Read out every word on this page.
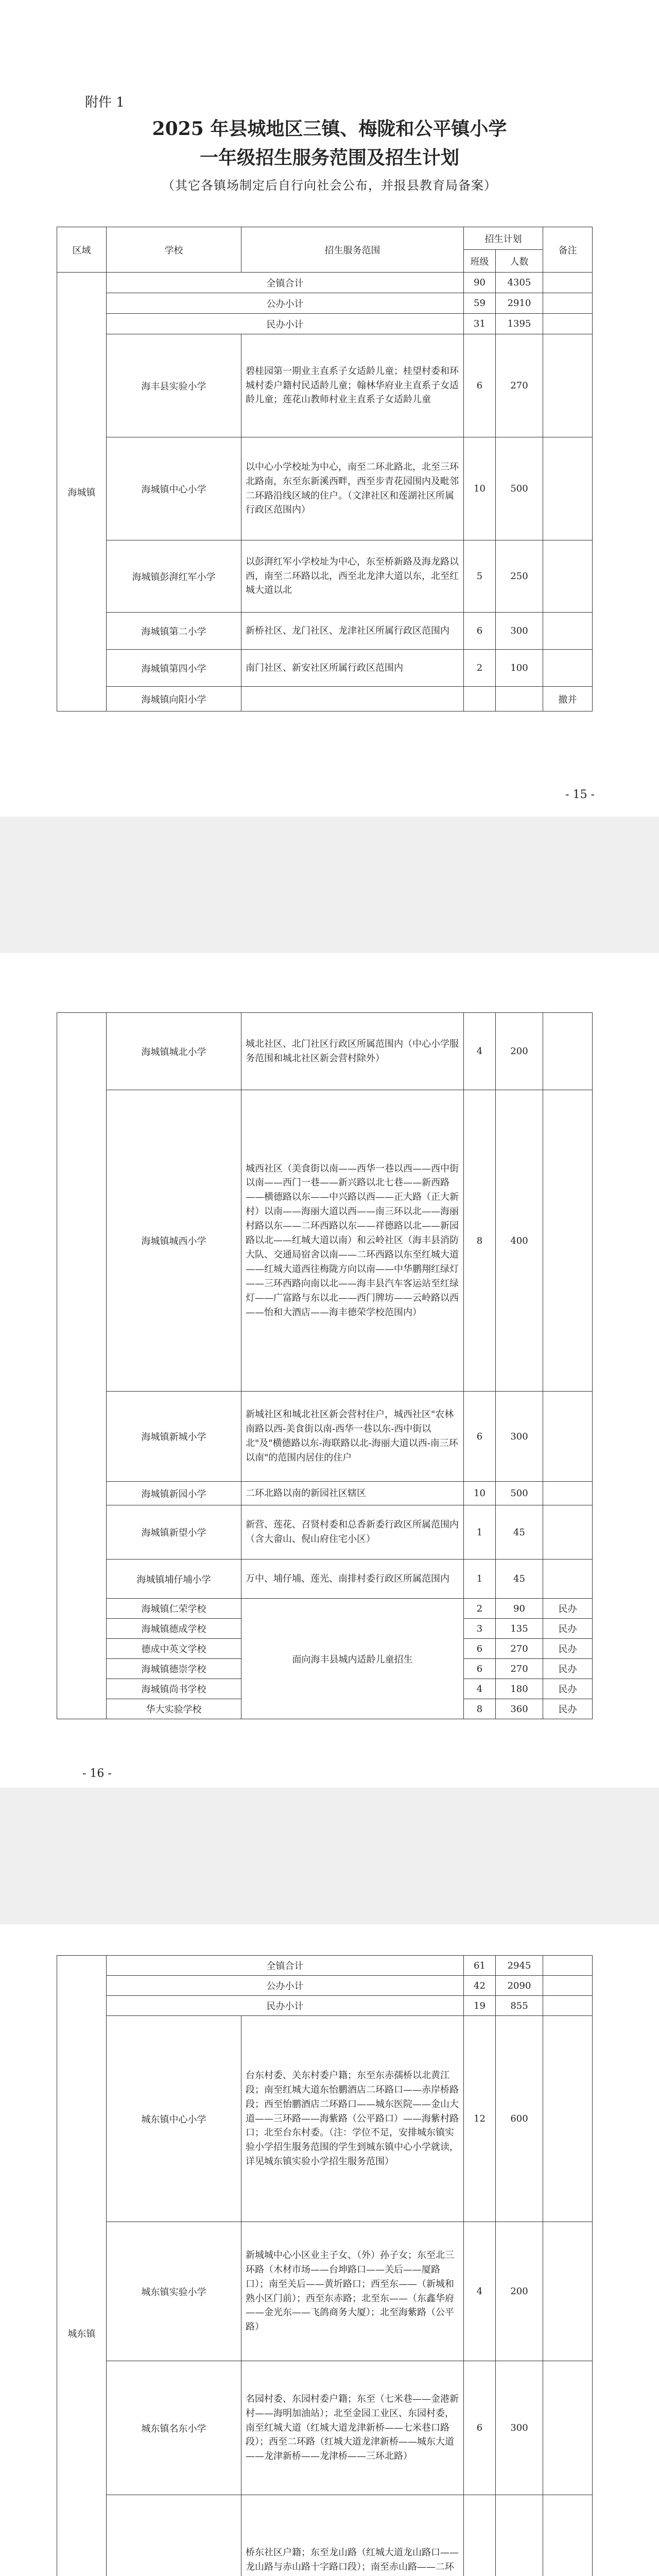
附件 1
2025 年县城地区三镇、梅陇和公平镇小学
一年级招生服务范围及招生计划
（其它各镇场制定后自行向社会公布，并报县教育局备案）
区域	学校	招生服务范围	招生计划		备注
			班级	人数	
海城镇	全镇合计		90	4305	
	公办小计		59	2910	
	民办小计		31	1395	
	海丰县实验小学	碧桂园第一期业主直系子女适龄儿童；桂望村委和环城村委户籍村民适龄儿童；翰林华府业主直系子女适龄儿童；莲花山教师村业主直系子女适龄儿童	6	270	
	海城镇中心小学	以中心小学校址为中心，南至二环北路北，北至三环北路南，东至东新溪西畔，西至步青花园围内及毗邻二环路沿线区域的住户。（文津社区和莲湖社区所属行政区范围内）	10	500	
	海城镇彭湃红军小学	以彭湃红军小学校址为中心，东至桥新路及海龙路以西，南至二环路以北，西至北龙津大道以东，北至红城大道以北	5	250	
	海城镇第二小学	新桥社区、龙门社区、龙津社区所属行政区范围内	6	300	
	海城镇第四小学	南门社区、新安社区所属行政区范围内	2	100	
	海城镇向阳小学				撤并
- 15 -
	海城镇城北小学	城北社区、北门社区行政区所属范围内（中心小学服务范围和城北社区新会营村除外）	4	200	
	海城镇城西小学	城西社区（美食街以南——西华一巷以西——西中街以南——西门一巷——新兴路以北七巷——新西路——横德路以东——中兴路以西——正大路（正大新村）以南——海丽大道以西——南三环以北——海丽村路以东——二环西路以东——祥德路以北——新园路以北——红城大道以南）和云岭社区（海丰县消防大队、交通局宿舍以南——二环西路以东至红城大道——红城大道西往梅陇方向以南——中华鹏翔红绿灯——三环西路向南以北——海丰县汽车客运站至红绿灯——广富路与东以北——西门牌坊——云岭路以西——怡和大酒店——海丰德荣学校范围内）	8	400	
	海城镇新城小学	新城社区和城北社区新会营村住户，城西社区"农林南路以西-美食街以南-西华一巷以东-西中街以北"及"横德路以东-海联路以北-海丽大道以西-南三环以南"的范围内居住的住户	6	300	
	海城镇新园小学	二环北路以南的新园社区辖区	10	500	
	海城镇新望小学	新营、莲花、召贤村委和总香新委行政区所属范围内（含大畲山、倪山府住宅小区）	1	45	
	海城镇埔仔埔小学	万中、埔仔埔、莲光、南排村委行政区所属范围内	1	45	
	海城镇仁荣学校	面向海丰县城内适龄儿童招生	2	90	民办
	海城镇德成学校		3	135	民办
	德成中英文学校		6	270	民办
	海城镇德崇学校		6	270	民办
	海城镇尚书学校		4	180	民办
	华大实验学校		8	360	民办
- 16 -
城东镇	全镇合计		61	2945	
	公办小计		42	2090	
	民办小计		19	855	
	城东镇中心小学	台东村委、关东村委户籍；东至东赤孺桥以北黄江段；南至红城大道东怡鹏酒店二环路口——赤岸桥路段；西至怡鹏酒店二环路口——城东医院——金山大道——三环路——海紫路（公平路口）——海紫村路口；北至台东村委。（注：学位不足，安排城东镇实验小学招生服务范围的学生到城东镇中心小学就读，详见城东镇实验小学招生服务范围）	12	600	
	城东镇实验小学	新城城中心小区业主子女、（外）孙子女；东至北三环路（木材市场——台坤路口——关后——厦路口）；南至关后——黄圻路口；西至东——（新城和熟小区门前）；西至东赤路；北至东——（东鑫华府——金光东——飞鸽商务大厦）；北至海紫路（公平路）	4	200	
	城东镇名东小学	名园村委、东园村委户籍；东至（七米巷——金港新村——海明加油站）；北至金园工业区、东园村委，南至红城大道（红城大道龙津新桥——七米巷口路段）；西至二环路（红城大道龙津新桥——城东大道——龙津新桥——龙津桥——三环北路）	6	300	
	桥东社区户籍；东至龙山路（红城大道龙山路口——龙山路与赤山路十字路口段）；南至赤山路——二环			
